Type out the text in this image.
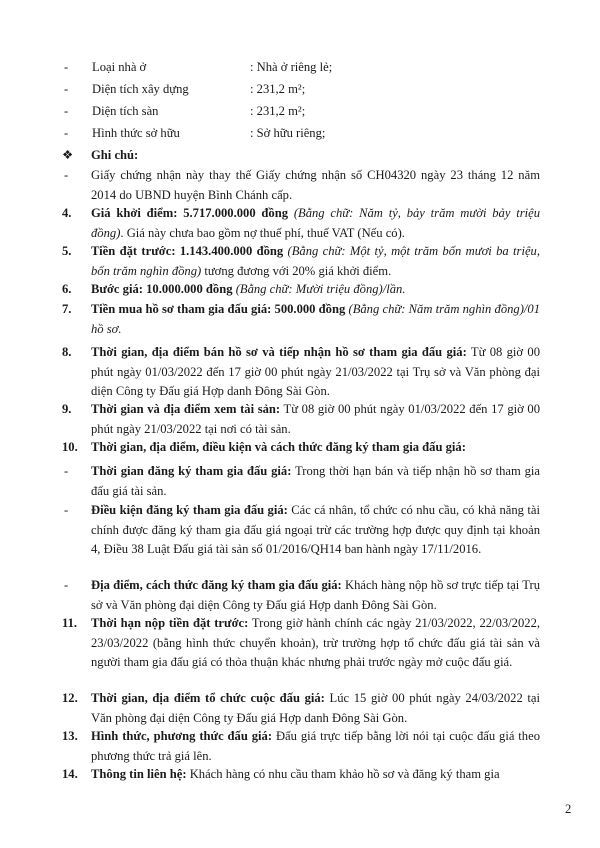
- Loại nhà ở	: Nhà ở riêng lẻ;
- Diện tích xây dựng	: 231,2 m²;
- Diện tích sàn	: 231,2 m²;
- Hình thức sở hữu	: Sở hữu riêng;
❖ Ghi chú:
- Giấy chứng nhận này thay thế Giấy chứng nhận số CH04320 ngày 23 tháng 12 năm 2014 do UBND huyện Bình Chánh cấp.
4. Giá khởi điểm: 5.717.000.000 đồng (Bằng chữ: Năm tỷ, bảy trăm mười bảy triệu đồng). Giá này chưa bao gồm nợ thuế phí, thuế VAT (Nếu có).
5. Tiền đặt trước: 1.143.400.000 đồng (Bằng chữ: Một tỷ, một trăm bốn mươi ba triệu, bốn trăm nghìn đồng) tương đương với 20% giá khởi điểm.
6. Bước giá: 10.000.000 đồng (Bằng chữ: Mười triệu đồng)/lần.
7. Tiền mua hồ sơ tham gia đấu giá: 500.000 đồng (Bằng chữ: Năm trăm nghìn đồng)/01 hồ sơ.
8. Thời gian, địa điểm bán hồ sơ và tiếp nhận hồ sơ tham gia đấu giá: Từ 08 giờ 00 phút ngày 01/03/2022 đến 17 giờ 00 phút ngày 21/03/2022 tại Trụ sở và Văn phòng đại diện Công ty Đấu giá Hợp danh Đông Sài Gòn.
9. Thời gian và địa điểm xem tài sản: Từ 08 giờ 00 phút ngày 01/03/2022 đến 17 giờ 00 phút ngày 21/03/2022 tại nơi có tài sản.
10. Thời gian, địa điểm, điều kiện và cách thức đăng ký tham gia đấu giá:
- Thời gian đăng ký tham gia đấu giá: Trong thời hạn bán và tiếp nhận hồ sơ tham gia đấu giá tài sản.
- Điều kiện đăng ký tham gia đấu giá: Các cá nhân, tổ chức có nhu cầu, có khả năng tài chính được đăng ký tham gia đấu giá ngoại trừ các trường hợp được quy định tại khoản 4, Điều 38 Luật Đấu giá tài sản số 01/2016/QH14 ban hành ngày 17/11/2016.
- Địa điểm, cách thức đăng ký tham gia đấu giá: Khách hàng nộp hồ sơ trực tiếp tại Trụ sở và Văn phòng đại diện Công ty Đấu giá Hợp danh Đông Sài Gòn.
11. Thời hạn nộp tiền đặt trước: Trong giờ hành chính các ngày 21/03/2022, 22/03/2022, 23/03/2022 (bằng hình thức chuyển khoản), trừ trường hợp tổ chức đấu giá tài sản và người tham gia đấu giá có thỏa thuận khác nhưng phải trước ngày mở cuộc đấu giá.
12. Thời gian, địa điểm tổ chức cuộc đấu giá: Lúc 15 giờ 00 phút ngày 24/03/2022 tại Văn phòng đại diện Công ty Đấu giá Hợp danh Đông Sài Gòn.
13. Hình thức, phương thức đấu giá: Đấu giá trực tiếp bằng lời nói tại cuộc đấu giá theo phương thức trả giá lên.
14. Thông tin liên hệ: Khách hàng có nhu cầu tham khảo hồ sơ và đăng ký tham gia
2
